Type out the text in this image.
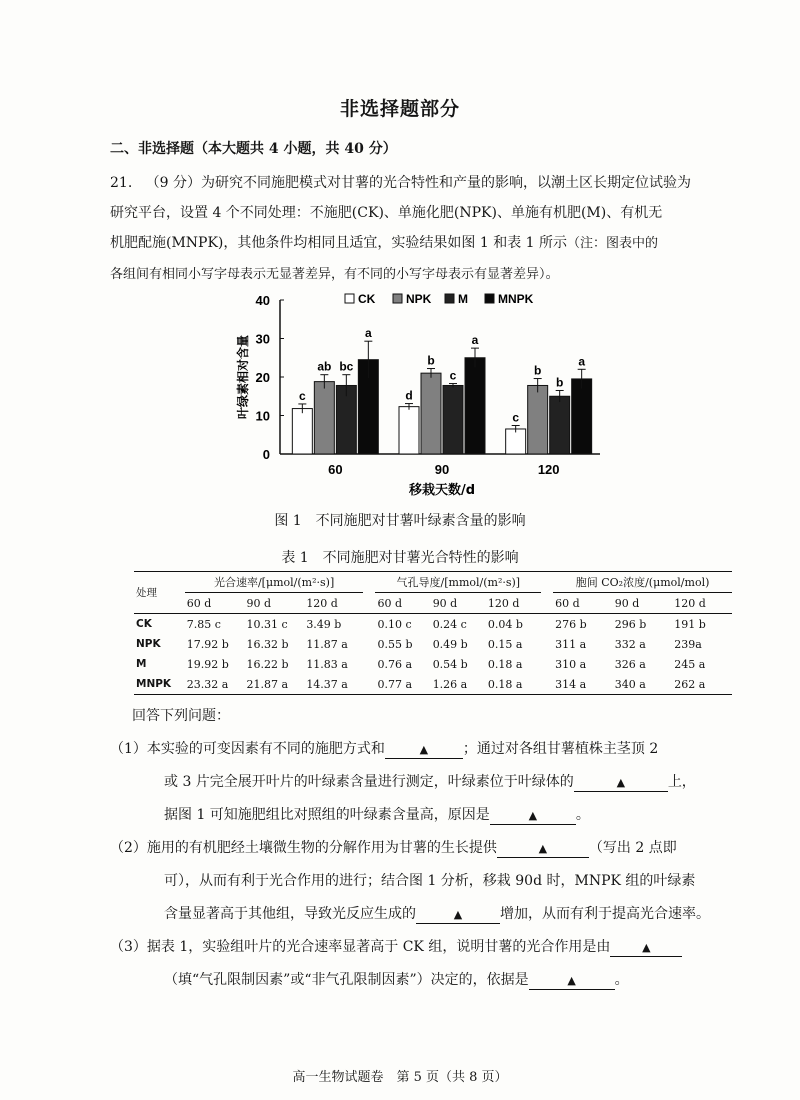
非选择题部分
二、非选择题（本大题共 4 小题，共 40 分）
21. （9 分）为研究不同施肥模式对甘薯的光合特性和产量的影响，以潮土区长期定位试验为
研究平台，设置 4 个不同处理：不施肥(CK)、单施化肥(NPK)、单施有机肥(M)、有机无
机肥配施(MNPK)，其他条件均相同且适宜，实验结果如图 1 和表 1 所示（注：图表中的
各组间有相同小写字母表示无显著差异，有不同的小写字母表示有显著差异）。
0
10
20
30
40
叶绿素相对含量	c
ab bc
a
60
d
b
c
a
90
c
b
b
a
120
移栽天数/d
CK	NPK M	MNPK
图 1　不同施肥对甘薯叶绿素含量的影响
表 1　不同施肥对甘薯光合特性的影响
处理	光合速率/[μmol/(m²·s)]				气孔导度/[mmol/(m²·s)]				胞间 CO₂浓度/(μmol/mol)		
	60 d	90 d	120 d		60 d	90 d	120 d		60 d	90 d	120 d
CK	7.85 c	10.31 c	3.49 b		0.10 c	0.24 c	0.04 b		276 b	296 b	191 b
NPK	17.92 b	16.32 b	11.87 a		0.55 b	0.49 b	0.15 a		311 a	332 a	239a
M	19.92 b	16.22 b	11.83 a		0.76 a	0.54 b	0.18 a		310 a	326 a	245 a
MNPK	23.32 a	21.87 a	14.37 a		0.77 a	1.26 a	0.18 a		314 a	340 a	262 a
回答下列问题：
（1）本实验的可变因素有不同的施肥方式和	▲ ；通过对各组甘薯植株主茎顶 2
或 3 片完全展开叶片的叶绿素含量进行测定，叶绿素位于叶绿体的	▲	上，
据图 1 可知施肥组比对照组的叶绿素含量高，原因是	▲	。
（2）施用的有机肥经土壤微生物的分解作用为甘薯的生长提供	▲	（写出 2 点即
可），从而有利于光合作用的进行；结合图 1 分析，移栽 90d 时，MNPK 组的叶绿素
含量显著高于其他组，导致光反应生成的	▲	增加，从而有利于提高光合速率。
（3）据表 1，实验组叶片的光合速率显著高于 CK 组，说明甘薯的光合作用是由	▲
（填“气孔限制因素”或“非气孔限制因素”）决定的，依据是	▲	。
高一生物试题卷　第 5 页（共 8 页）
